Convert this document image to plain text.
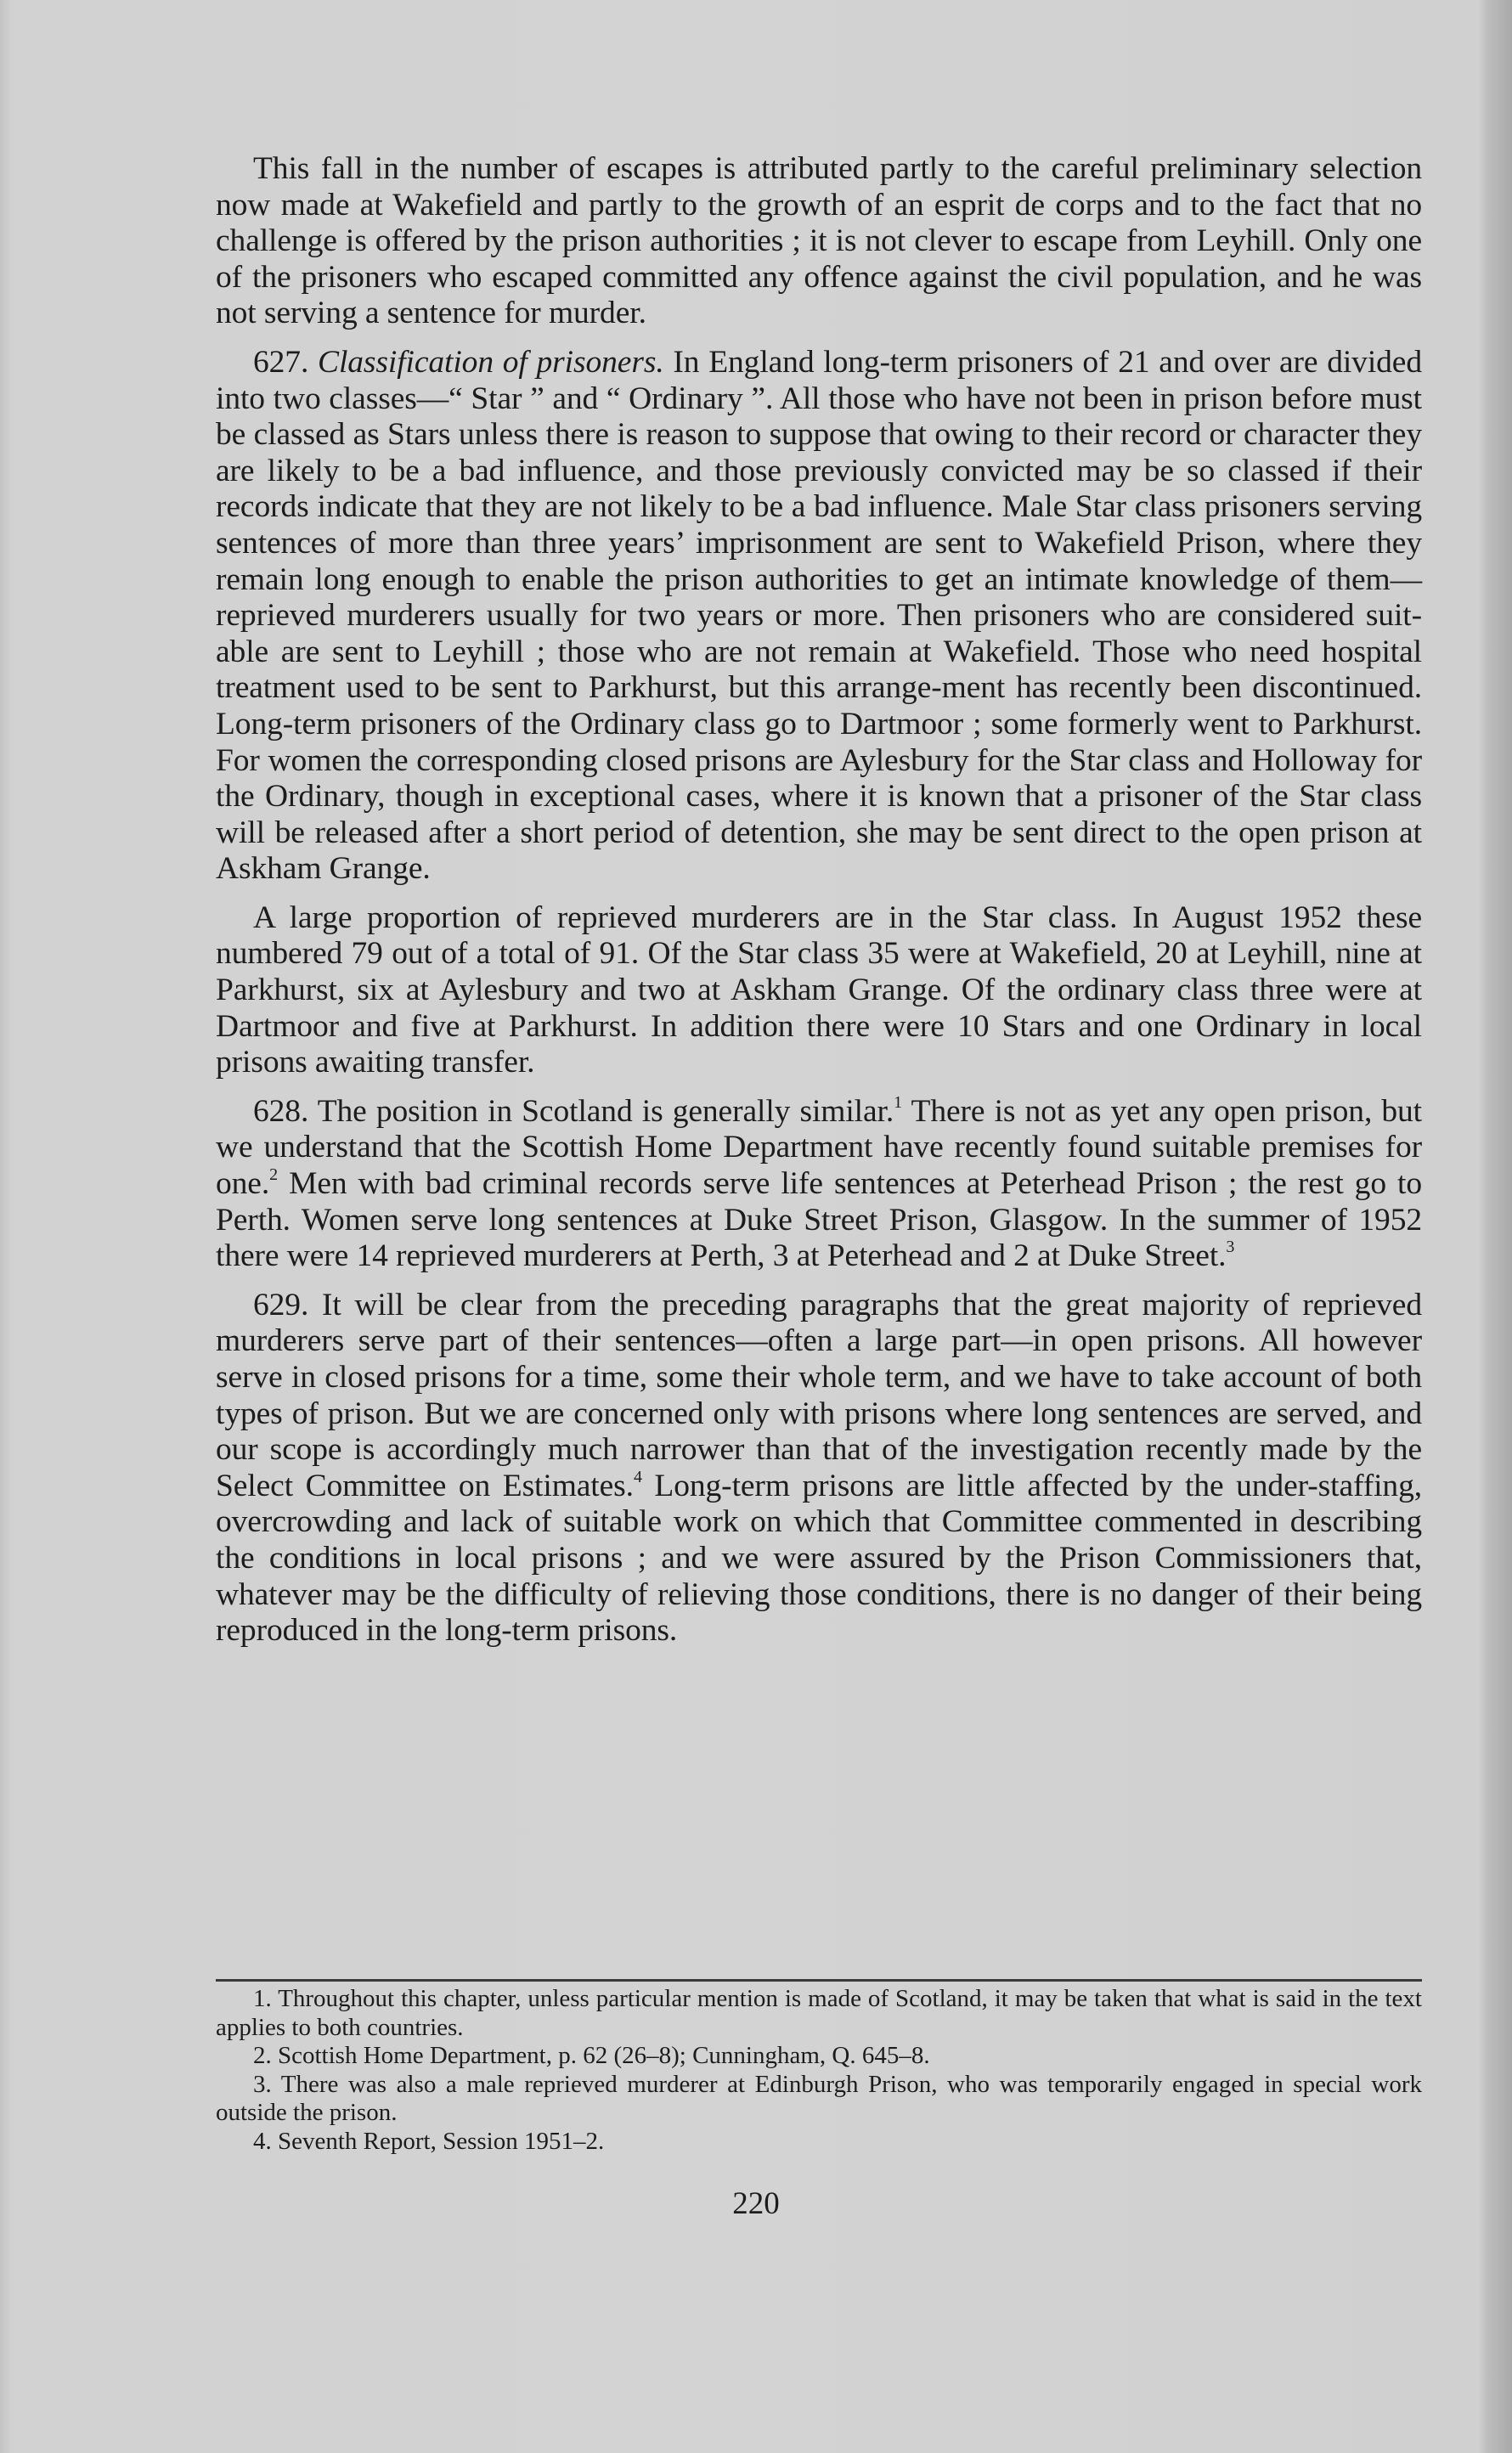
This fall in the number of escapes is attributed partly to the careful preliminary selection now made at Wakefield and partly to the growth of an esprit de corps and to the fact that no challenge is offered by the prison authorities ; it is not clever to escape from Leyhill. Only one of the prisoners who escaped committed any offence against the civil population, and he was not serving a sentence for murder.

627. Classification of prisoners. In England long-term prisoners of 21 and over are divided into two classes—“ Star ” and “ Ordinary ”. All those who have not been in prison before must be classed as Stars unless there is reason to suppose that owing to their record or character they are likely to be a bad influence, and those previously convicted may be so classed if their records indicate that they are not likely to be a bad influence. Male Star class prisoners serving sentences of more than three years’ imprisonment are sent to Wakefield Prison, where they remain long enough to enable the prison authorities to get an intimate knowledge of them—reprieved murderers usually for two years or more. Then prisoners who are considered suit-able are sent to Leyhill ; those who are not remain at Wakefield. Those who need hospital treatment used to be sent to Parkhurst, but this arrange-ment has recently been discontinued. Long-term prisoners of the Ordinary class go to Dartmoor ; some formerly went to Parkhurst. For women the corresponding closed prisons are Aylesbury for the Star class and Holloway for the Ordinary, though in exceptional cases, where it is known that a prisoner of the Star class will be released after a short period of detention, she may be sent direct to the open prison at Askham Grange.

A large proportion of reprieved murderers are in the Star class. In August 1952 these numbered 79 out of a total of 91. Of the Star class 35 were at Wakefield, 20 at Leyhill, nine at Parkhurst, six at Aylesbury and two at Askham Grange. Of the ordinary class three were at Dartmoor and five at Parkhurst. In addition there were 10 Stars and one Ordinary in local prisons awaiting transfer.

628. The position in Scotland is generally similar.$^1$ There is not as yet any open prison, but we understand that the Scottish Home Department have recently found suitable premises for one.$^2$ Men with bad criminal records serve life sentences at Peterhead Prison ; the rest go to Perth. Women serve long sentences at Duke Street Prison, Glasgow. In the summer of 1952 there were 14 reprieved murderers at Perth, 3 at Peterhead and 2 at Duke Street.$^3$

629. It will be clear from the preceding paragraphs that the great majority of reprieved murderers serve part of their sentences—often a large part—in open prisons. All however serve in closed prisons for a time, some their whole term, and we have to take account of both types of prison. But we are concerned only with prisons where long sentences are served, and our scope is accordingly much narrower than that of the investigation recently made by the Select Committee on Estimates.$^4$ Long-term prisons are little affected by the under-staffing, overcrowding and lack of suitable work on which that Committee commented in describing the conditions in local prisons ; and we were assured by the Prison Commissioners that, whatever may be the difficulty of relieving those conditions, there is no danger of their being reproduced in the long-term prisons.

1. Throughout this chapter, unless particular mention is made of Scotland, it may be taken that what is said in the text applies to both countries.

2. Scottish Home Department, p. 62 (26–8); Cunningham, Q. 645–8.

3. There was also a male reprieved murderer at Edinburgh Prison, who was temporarily engaged in special work outside the prison.

4. Seventh Report, Session 1951–2.

220
